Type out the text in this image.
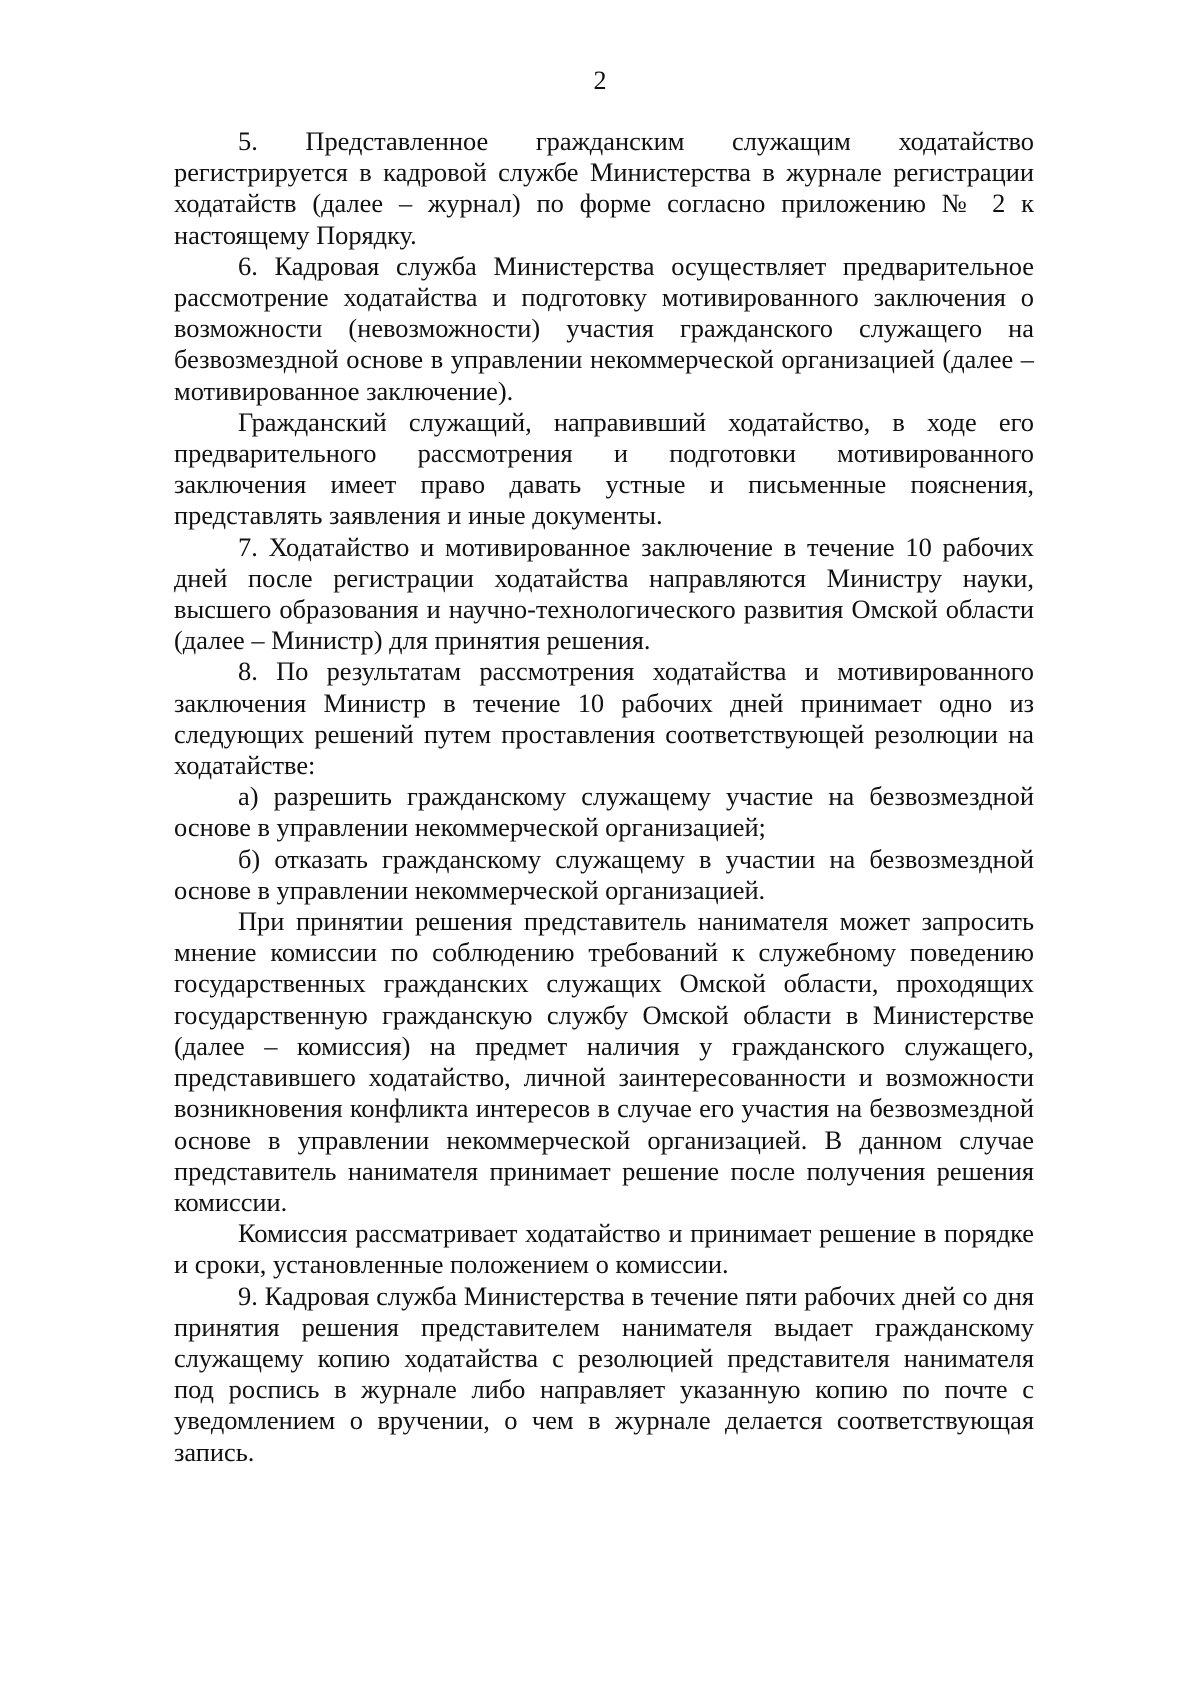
2

5. Представленное гражданским служащим ходатайство регистрируется в кадровой службе Министерства в журнале регистрации ходатайств (далее – журнал) по форме согласно приложению № 2 к настоящему Порядку.

6. Кадровая служба Министерства осуществляет предварительное рассмотрение ходатайства и подготовку мотивированного заключения о возможности (невозможности) участия гражданского служащего на безвозмездной основе в управлении некоммерческой организацией (далее – мотивированное заключение).

Гражданский служащий, направивший ходатайство, в ходе его предварительного рассмотрения и подготовки мотивированного заключения имеет право давать устные и письменные пояснения, представлять заявления и иные документы.

7. Ходатайство и мотивированное заключение в течение 10 рабочих дней после регистрации ходатайства направляются Министру науки, высшего образования и научно-технологического развития Омской области (далее – Министр) для принятия решения.

8. По результатам рассмотрения ходатайства и мотивированного заключения Министр в течение 10 рабочих дней принимает одно из следующих решений путем проставления соответствующей резолюции на ходатайстве:

а) разрешить гражданскому служащему участие на безвозмездной основе в управлении некоммерческой организацией;

б) отказать гражданскому служащему в участии на безвозмездной основе в управлении некоммерческой организацией.

При принятии решения представитель нанимателя может запросить мнение комиссии по соблюдению требований к служебному поведению государственных гражданских служащих Омской области, проходящих государственную гражданскую службу Омской области в Министерстве (далее – комиссия) на предмет наличия у гражданского служащего, представившего ходатайство, личной заинтересованности и возможности возникновения конфликта интересов в случае его участия на безвозмездной основе в управлении некоммерческой организацией. В данном случае представитель нанимателя принимает решение после получения решения комиссии.

Комиссия рассматривает ходатайство и принимает решение в порядке и сроки, установленные положением о комиссии.

9. Кадровая служба Министерства в течение пяти рабочих дней со дня принятия решения представителем нанимателя выдает гражданскому служащему копию ходатайства с резолюцией представителя нанимателя под роспись в журнале либо направляет указанную копию по почте с уведомлением о вручении, о чем в журнале делается соответствующая запись.
